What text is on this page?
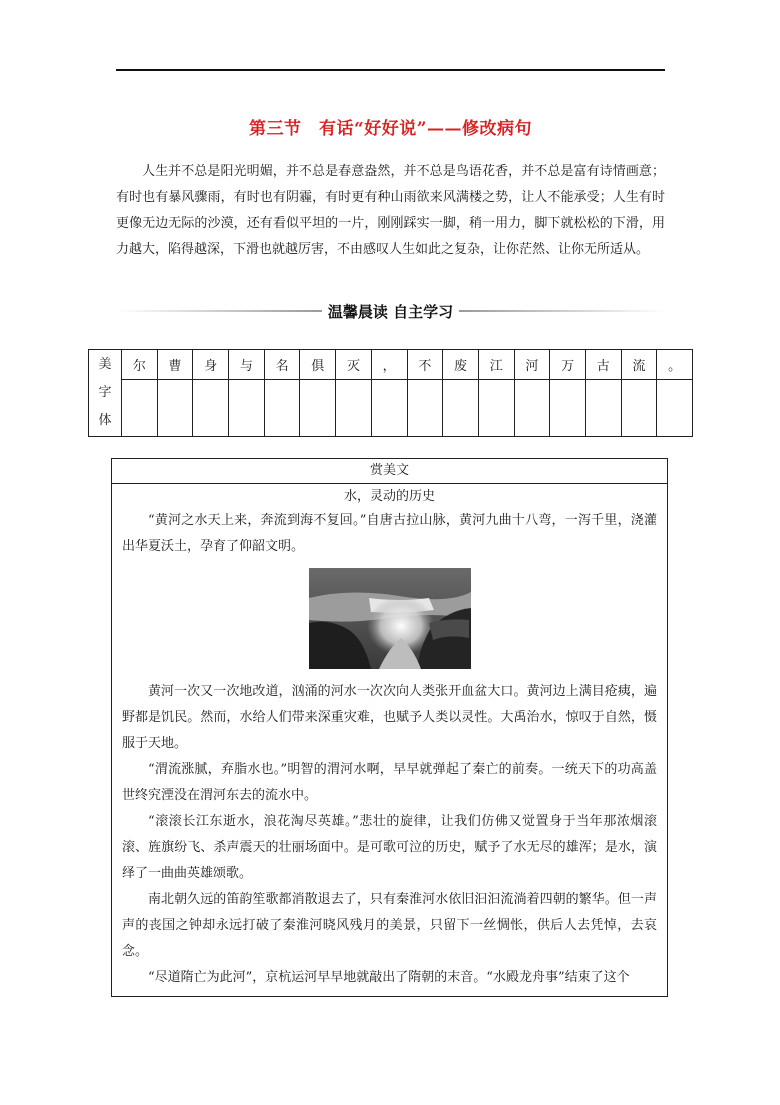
第三节　有话“好好说”——修改病句

人生并不总是阳光明媚，并不总是春意盎然，并不总是鸟语花香，并不总是富有诗情画意；有时也有暴风骤雨，有时也有阴霾，有时更有种山雨欲来风满楼之势，让人不能承受；人生有时更像无边无际的沙漠，还有看似平坦的一片，刚刚踩实一脚，稍一用力，脚下就松松的下滑，用力越大，陷得越深，下滑也就越厉害，不由感叹人生如此之复杂，让你茫然、让你无所适从。

温馨晨读 自主学习
美
字
体	尔	曹	身	与	名	俱	灭	，	不	废	江	河	万	古	流	。

赏美文
水，灵动的历史

“黄河之水天上来，奔流到海不复回。”自唐古拉山脉，黄河九曲十八弯，一泻千里，浇灌出华夏沃土，孕育了仰韶文明。

黄河一次又一次地改道，汹涌的河水一次次向人类张开血盆大口。黄河边上满目疮痍，遍野都是饥民。然而，水给人们带来深重灾难，也赋予人类以灵性。大禹治水，惊叹于自然，慑服于天地。

“渭流涨腻，弃脂水也。”明智的渭河水啊，早早就弹起了秦亡的前奏。一统天下的功高盖世终究湮没在渭河东去的流水中。

“滚滚长江东逝水，浪花淘尽英雄。”悲壮的旋律，让我们仿佛又觉置身于当年那浓烟滚滚、旌旗纷飞、杀声震天的壮丽场面中。是可歌可泣的历史，赋予了水无尽的雄浑；是水，演绎了一曲曲英雄颂歌。

南北朝久远的笛韵笙歌都消散退去了，只有秦淮河水依旧汩汩流淌着四朝的繁华。但一声声的丧国之钟却永远打破了秦淮河晓风残月的美景，只留下一丝惆怅，供后人去凭悼，去哀念。

“尽道隋亡为此河”，京杭运河早早地就敲出了隋朝的末音。“水殿龙舟事”结束了这个
